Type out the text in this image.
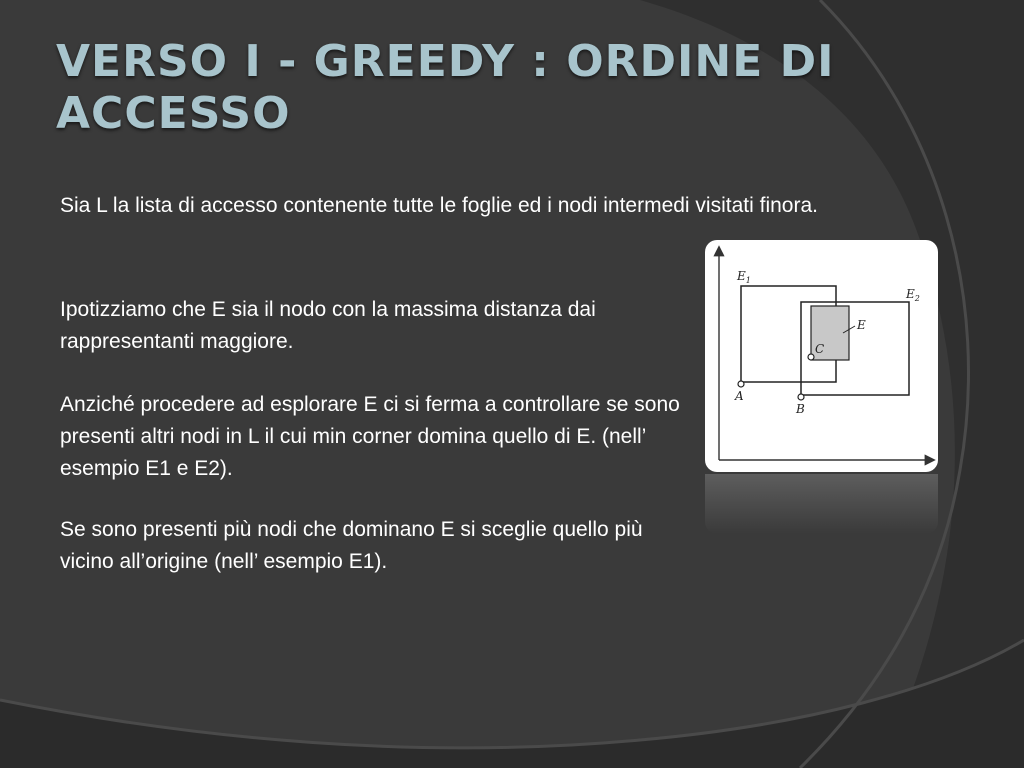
VERSO I - GREEDY : ORDINE DI ACCESSO

Sia L la lista di accesso contenente tutte le foglie ed i nodi intermedi visitati finora.

Ipotizziamo che E sia il nodo con la massima distanza dai rappresentanti maggiore.

Anziché procedere ad esplorare E ci si ferma a controllare se sono presenti altri nodi in L il cui min corner domina quello di E. (nell’ esempio E1 e E2).

Se sono presenti più nodi che dominano E si sceglie quello più vicino all’origine (nell’ esempio E1).

$E_1$
$E_2$
E
C
A
B
